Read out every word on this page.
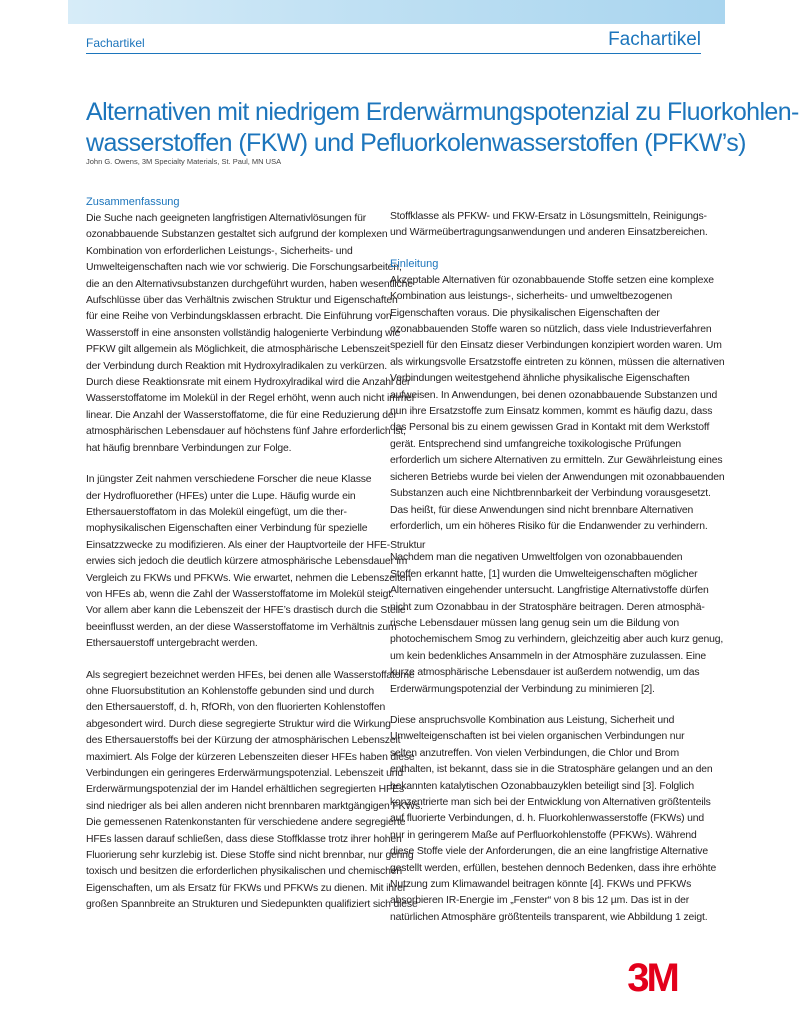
Fachartikel	Fachartikel
Alternativen mit niedrigem Erderwärmungspotenzial zu Fluorkohlen-
wasserstoffen (FKW) und Pefluorkolenwasserstoffen (PFKW’s)
John G. Owens, 3M Specialty Materials, St. Paul, MN USA
Zusammenfassung

Die Suche nach geeigneten langfristigen Alternativlösungen für
ozonabbauende Substanzen gestaltet sich aufgrund der komplexen
Kombination von erforderlichen Leistungs-, Sicherheits- und
Umwelteigenschaften nach wie vor schwierig. Die Forschungsarbeiten,
die an den Alternativsubstanzen durchgeführt wurden, haben wesentliche
Aufschlüsse über das Verhältnis zwischen Struktur und Eigenschaften
für eine Reihe von Verbindungsklassen erbracht. Die Einführung von
Wasserstoff in eine ansonsten vollständig halogenierte Verbindung wie
PFKW gilt allgemein als Möglichkeit, die atmosphärische Lebenszeit
der Verbindung durch Reaktion mit Hydroxylradikalen zu verkürzen.
Durch diese Reaktionsrate mit einem Hydroxylradikal wird die Anzahl der
Wasserstoffatome im Molekül in der Regel erhöht, wenn auch nicht immer
linear. Die Anzahl der Wasserstoffatome, die für eine Reduzierung der
atmosphärischen Lebensdauer auf höchstens fünf Jahre erforderlich ist,
hat häufig brennbare Verbindungen zur Folge.

In jüngster Zeit nahmen verschiedene Forscher die neue Klasse
der Hydrofluorether (HFEs) unter die Lupe. Häufig wurde ein
Ethersauerstoffatom in das Molekül eingefügt, um die ther-
mophysikalischen Eigenschaften einer Verbindung für spezielle
Einsatzzwecke zu modifizieren. Als einer der Hauptvorteile der HFE-Struktur
erwies sich jedoch die deutlich kürzere atmosphärische Lebensdauer im
Vergleich zu FKWs und PFKWs. Wie erwartet, nehmen die Lebenszeiten
von HFEs ab, wenn die Zahl der Wasserstoffatome im Molekül steigt.
Vor allem aber kann die Lebenszeit der HFE’s drastisch durch die Stelle
beeinflusst werden, an der diese Wasserstoffatome im Verhältnis zum
Ethersauerstoff untergebracht werden.

Als segregiert bezeichnet werden HFEs, bei denen alle Wasserstoffatome
ohne Fluorsubstitution an Kohlenstoffe gebunden sind und durch
den Ethersauerstoff, d. h, RfORh, von den fluorierten Kohlenstoffen
abgesondert wird. Durch diese segregierte Struktur wird die Wirkung
des Ethersauerstoffs bei der Kürzung der atmosphärischen Lebenszeit
maximiert. Als Folge der kürzeren Lebenszeiten dieser HFEs haben diese
Verbindungen ein geringeres Erderwärmungspotenzial. Lebenszeit und
Erderwärmungspotenzial der im Handel erhältlichen segregierten HFEs
sind niedriger als bei allen anderen nicht brennbaren marktgängigen FKWs.
Die gemessenen Ratenkonstanten für verschiedene andere segregierte
HFEs lassen darauf schließen, dass diese Stoffklasse trotz ihrer hohen
Fluorierung sehr kurzlebig ist. Diese Stoffe sind nicht brennbar, nur gering
toxisch und besitzen die erforderlichen physikalischen und chemischen
Eigenschaften, um als Ersatz für FKWs und PFKWs zu dienen. Mit ihrer
großen Spannbreite an Strukturen und Siedepunkten qualifiziert sich diese

Stoffklasse als PFKW- und FKW-Ersatz in Lösungsmitteln, Reinigungs-
und Wärmeübertragungsanwendungen und anderen Einsatzbereichen.

Einleitung

Akzeptable Alternativen für ozonabbauende Stoffe setzen eine komplexe
Kombination aus leistungs-, sicherheits- und umweltbezogenen
Eigenschaften voraus. Die physikalischen Eigenschaften der
ozonabbauenden Stoffe waren so nützlich, dass viele Industrieverfahren
speziell für den Einsatz dieser Verbindungen konzipiert worden waren. Um
als wirkungsvolle Ersatzstoffe eintreten zu können, müssen die alternativen
Verbindungen weitestgehend ähnliche physikalische Eigenschaften
aufweisen. In Anwendungen, bei denen ozonabbauende Substanzen und
nun ihre Ersatzstoffe zum Einsatz kommen, kommt es häufig dazu, dass
das Personal bis zu einem gewissen Grad in Kontakt mit dem Werkstoff
gerät. Entsprechend sind umfangreiche toxikologische Prüfungen
erforderlich um sichere Alternativen zu ermitteln. Zur Gewährleistung eines
sicheren Betriebs wurde bei vielen der Anwendungen mit ozonabbauenden
Substanzen auch eine Nichtbrennbarkeit der Verbindung vorausgesetzt.
Das heißt, für diese Anwendungen sind nicht brennbare Alternativen
erforderlich, um ein höheres Risiko für die Endanwender zu verhindern.

Nachdem man die negativen Umweltfolgen von ozonabbauenden
Stoffen erkannt hatte, [1] wurden die Umwelteigenschaften möglicher
Alternativen eingehender untersucht. Langfristige Alternativstoffe dürfen
nicht zum Ozonabbau in der Stratosphäre beitragen. Deren atmosphä-
rische Lebensdauer müssen lang genug sein um die Bildung von
photochemischem Smog zu verhindern, gleichzeitig aber auch kurz genug,
um kein bedenkliches Ansammeln in der Atmosphäre zuzulassen. Eine
kurze atmosphärische Lebensdauer ist außerdem notwendig, um das
Erderwärmungspotenzial der Verbindung zu minimieren [2].

Diese anspruchsvolle Kombination aus Leistung, Sicherheit und
Umwelteigenschaften ist bei vielen organischen Verbindungen nur
selten anzutreffen. Von vielen Verbindungen, die Chlor und Brom
enthalten, ist bekannt, dass sie in die Stratosphäre gelangen und an den
bekannten katalytischen Ozonabbauzyklen beteiligt sind [3]. Folglich
konzentrierte man sich bei der Entwicklung von Alternativen größtenteils
auf fluorierte Verbindungen, d. h. Fluorkohlenwasserstoffe (FKWs) und
nur in geringerem Maße auf Perfluorkohlenstoffe (PFKWs). Während
diese Stoffe viele der Anforderungen, die an eine langfristige Alternative
gestellt werden, erfüllen, bestehen dennoch Bedenken, dass ihre erhöhte
Nutzung zum Klimawandel beitragen könnte [4]. FKWs und PFKWs
absorbieren IR-Energie im „Fenster“ von 8 bis 12 µm. Das ist in der
natürlichen Atmosphäre größtenteils transparent, wie Abbildung 1 zeigt.

3M
